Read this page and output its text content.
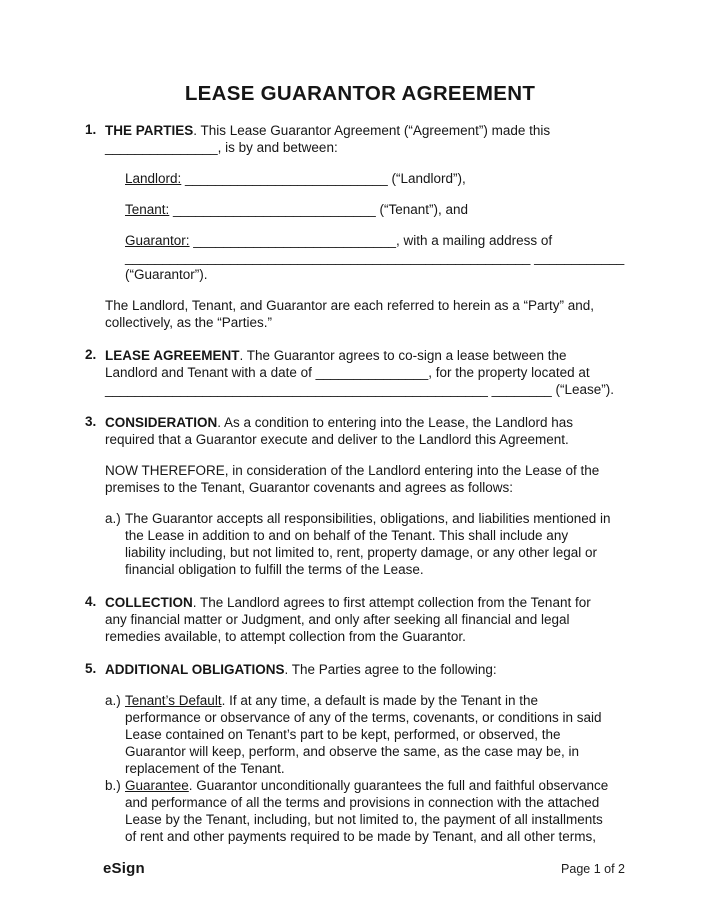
LEASE GUARANTOR AGREEMENT
1. THE PARTIES. This Lease Guarantor Agreement (“Agreement”) made this
_______________, is by and between:
Landlord: ___________________________ (“Landlord”),
Tenant: ___________________________ (“Tenant”), and
Guarantor: ___________________________, with a mailing address of
______________________________________________________ ____________
(“Guarantor”).
The Landlord, Tenant, and Guarantor are each referred to herein as a “Party” and,
collectively, as the “Parties.”
2. LEASE AGREEMENT. The Guarantor agrees to co-sign a lease between the
Landlord and Tenant with a date of _______________, for the property located at
___________________________________________________ ________ (“Lease”).
3. CONSIDERATION. As a condition to entering into the Lease, the Landlord has
required that a Guarantor execute and deliver to the Landlord this Agreement.
NOW THEREFORE, in consideration of the Landlord entering into the Lease of the
premises to the Tenant, Guarantor covenants and agrees as follows:
a.) The Guarantor accepts all responsibilities, obligations, and liabilities mentioned in
the Lease in addition to and on behalf of the Tenant. This shall include any
liability including, but not limited to, rent, property damage, or any other legal or
financial obligation to fulfill the terms of the Lease.
4. COLLECTION. The Landlord agrees to first attempt collection from the Tenant for
any financial matter or Judgment, and only after seeking all financial and legal
remedies available, to attempt collection from the Guarantor.
5. ADDITIONAL OBLIGATIONS. The Parties agree to the following:
a.) Tenant’s Default. If at any time, a default is made by the Tenant in the
performance or observance of any of the terms, covenants, or conditions in said
Lease contained on Tenant’s part to be kept, performed, or observed, the
Guarantor will keep, perform, and observe the same, as the case may be, in
replacement of the Tenant.
b.) Guarantee. Guarantor unconditionally guarantees the full and faithful observance
and performance of all the terms and provisions in connection with the attached
Lease by the Tenant, including, but not limited to, the payment of all installments
of rent and other payments required to be made by Tenant, and all other terms,
eSign	Page 1 of 2
